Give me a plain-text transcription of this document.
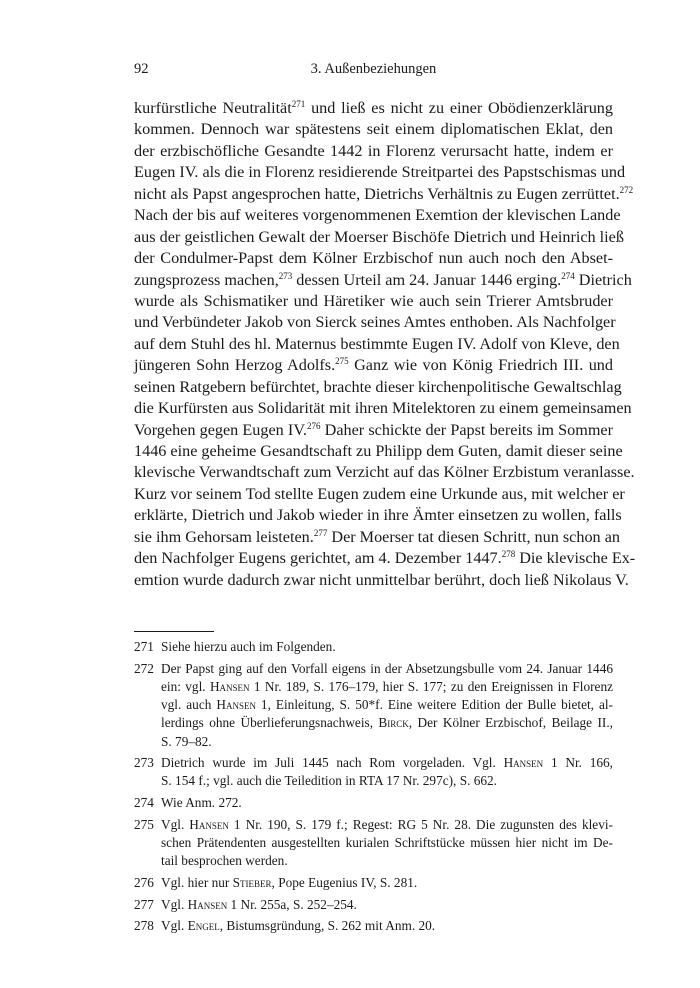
92	3. Außenbeziehungen
kurfürstliche Neutralität$^{271}$ und ließ es nicht zu einer Obödienzerklärung
kommen. Dennoch war spätestens seit einem diplomatischen Eklat, den
der erzbischöfliche Gesandte 1442 in Florenz verursacht hatte, indem er
Eugen IV. als die in Florenz residierende Streitpartei des Papstschismas und
nicht als Papst angesprochen hatte, Dietrichs Verhältnis zu Eugen zerrüttet.$^{272}$
Nach der bis auf weiteres vorgenommenen Exemtion der klevischen Lande
aus der geistlichen Gewalt der Moerser Bischöfe Dietrich und Heinrich ließ
der Condulmer-Papst dem Kölner Erzbischof nun auch noch den Abset-
zungsprozess machen,$^{273}$ dessen Urteil am 24. Januar 1446 erging.$^{274}$ Dietrich
wurde als Schismatiker und Häretiker wie auch sein Trierer Amtsbruder
und Verbündeter Jakob von Sierck seines Amtes enthoben. Als Nachfolger
auf dem Stuhl des hl. Maternus bestimmte Eugen IV. Adolf von Kleve, den
jüngeren Sohn Herzog Adolfs.$^{275}$ Ganz wie von König Friedrich III. und
seinen Ratgebern befürchtet, brachte dieser kirchenpolitische Gewaltschlag
die Kurfürsten aus Solidarität mit ihren Mitelektoren zu einem gemeinsamen
Vorgehen gegen Eugen IV.$^{276}$ Daher schickte der Papst bereits im Sommer
1446 eine geheime Gesandtschaft zu Philipp dem Guten, damit dieser seine
klevische Verwandtschaft zum Verzicht auf das Kölner Erzbistum veranlasse.
Kurz vor seinem Tod stellte Eugen zudem eine Urkunde aus, mit welcher er
erklärte, Dietrich und Jakob wieder in ihre Ämter einsetzen zu wollen, falls
sie ihm Gehorsam leisteten.$^{277}$ Der Moerser tat diesen Schritt, nun schon an
den Nachfolger Eugens gerichtet, am 4. Dezember 1447.$^{278}$ Die klevische Ex-
emtion wurde dadurch zwar nicht unmittelbar berührt, doch ließ Nikolaus V.
271 Siehe hierzu auch im Folgenden.
272 Der Papst ging auf den Vorfall eigens in der Absetzungsbulle vom 24. Januar 1446
ein: vgl. Hansen 1 Nr. 189, S. 176–179, hier S. 177; zu den Ereignissen in Florenz
vgl. auch Hansen 1, Einleitung, S. 50*f. Eine weitere Edition der Bulle bietet, al-
lerdings ohne Überlieferungsnachweis, Birck, Der Kölner Erzbischof, Beilage II.,
S. 79–82.
273 Dietrich wurde im Juli 1445 nach Rom vorgeladen. Vgl. Hansen 1 Nr. 166,
S. 154 f.; vgl. auch die Teiledition in RTA 17 Nr. 297c), S. 662.
274 Wie Anm. 272.
275 Vgl. Hansen 1 Nr. 190, S. 179 f.; Regest: RG 5 Nr. 28. Die zugunsten des klevi-
schen Prätendenten ausgestellten kurialen Schriftstücke müssen hier nicht im De-
tail besprochen werden.
276 Vgl. hier nur Stieber, Pope Eugenius IV, S. 281.
277 Vgl. Hansen 1 Nr. 255a, S. 252–254.
278 Vgl. Engel, Bistumsgründung, S. 262 mit Anm. 20.
